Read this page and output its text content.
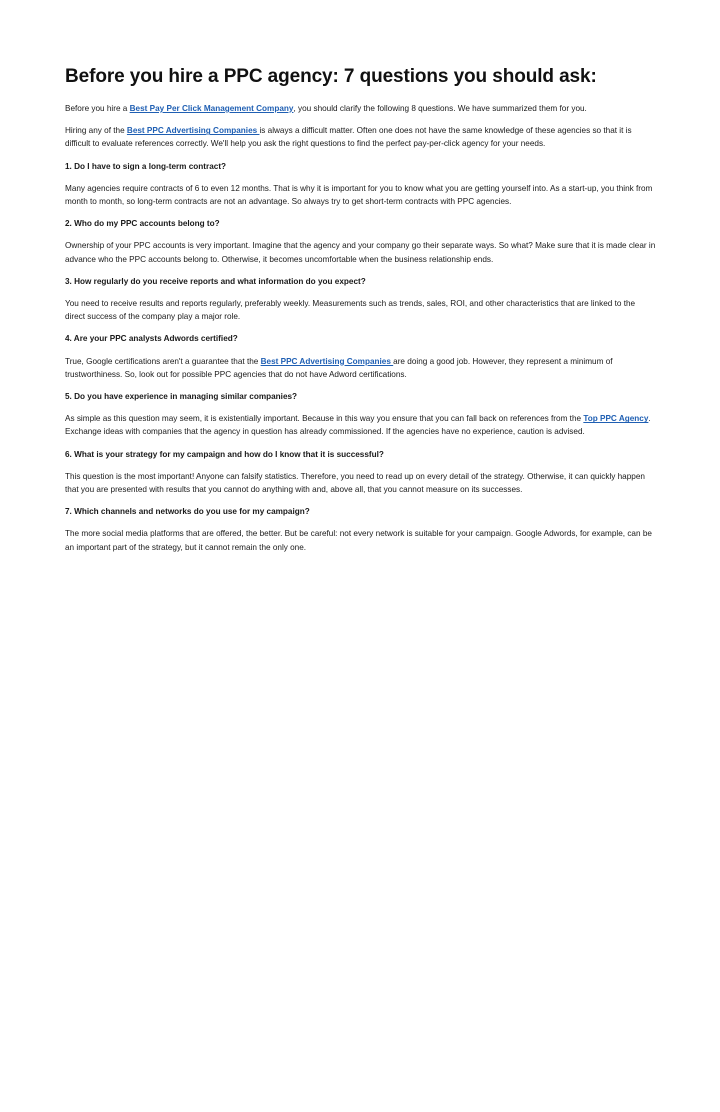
Before you hire a PPC agency: 7 questions you should ask:

Before you hire a Best Pay Per Click Management Company, you should clarify the following 8 questions. We have summarized them for you.

Hiring any of the Best PPC Advertising Companies is always a difficult matter. Often one does not have the same knowledge of these agencies so that it is difficult to evaluate references correctly. We'll help you ask the right questions to find the perfect pay-per-click agency for your needs.

1. Do I have to sign a long-term contract?

Many agencies require contracts of 6 to even 12 months. That is why it is important for you to know what you are getting yourself into. As a start-up, you think from month to month, so long-term contracts are not an advantage. So always try to get short-term contracts with PPC agencies.

2. Who do my PPC accounts belong to?

Ownership of your PPC accounts is very important. Imagine that the agency and your company go their separate ways. So what? Make sure that it is made clear in advance who the PPC accounts belong to. Otherwise, it becomes uncomfortable when the business relationship ends.

3. How regularly do you receive reports and what information do you expect?

You need to receive results and reports regularly, preferably weekly. Measurements such as trends, sales, ROI, and other characteristics that are linked to the direct success of the company play a major role.

4. Are your PPC analysts Adwords certified?

True, Google certifications aren't a guarantee that the Best PPC Advertising Companies are doing a good job. However, they represent a minimum of trustworthiness. So, look out for possible PPC agencies that do not have Adword certifications.

5. Do you have experience in managing similar companies?

As simple as this question may seem, it is existentially important. Because in this way you ensure that you can fall back on references from the Top PPC Agency. Exchange ideas with companies that the agency in question has already commissioned. If the agencies have no experience, caution is advised.

6. What is your strategy for my campaign and how do I know that it is successful?

This question is the most important! Anyone can falsify statistics. Therefore, you need to read up on every detail of the strategy. Otherwise, it can quickly happen that you are presented with results that you cannot do anything with and, above all, that you cannot measure on its successes.

7. Which channels and networks do you use for my campaign?

The more social media platforms that are offered, the better. But be careful: not every network is suitable for your campaign. Google Adwords, for example, can be an important part of the strategy, but it cannot remain the only one.
